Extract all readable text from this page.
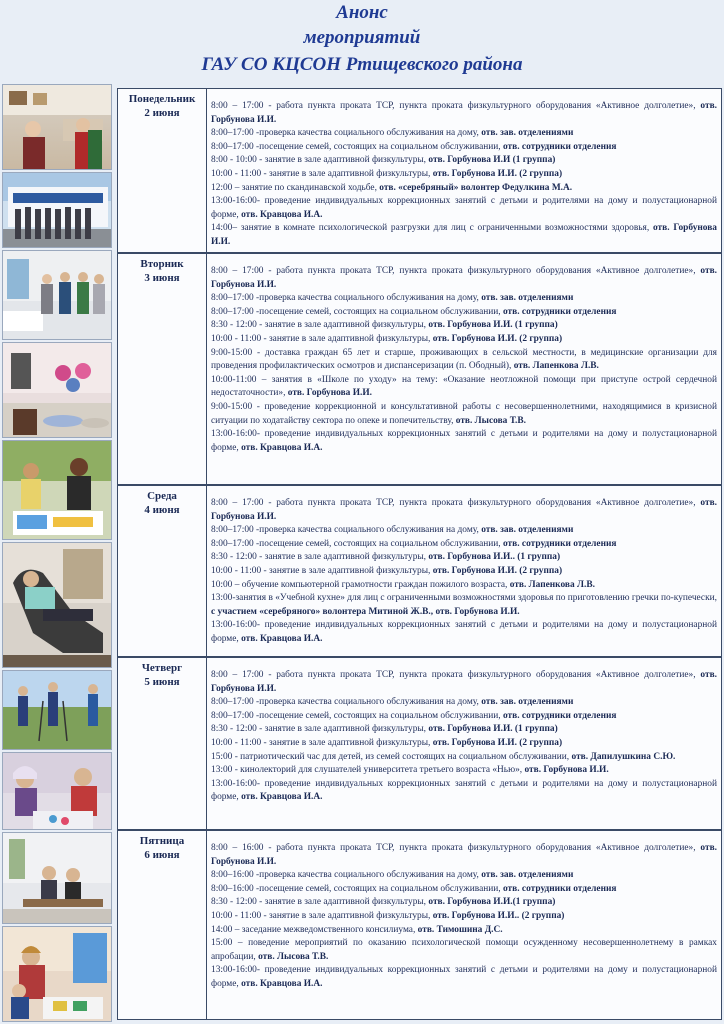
Анонс
мероприятий
ГАУ СО КЦСОН Ртищевского района
Понедельник
2 июня

8:00 – 17:00 - работа пункта проката ТСР, пункта проката физкультурного оборудования «Активное долголетие», отв. Горбунова И.И.

8:00–17:00 -проверка качества социального обслуживания на дому, отв. зав. отделениями

8:00–17:00 -посещение семей, состоящих на социальном обслуживании, отв. сотрудники отделения

8:00 - 10:00 - занятие в зале адаптивной физкультуры, отв. Горбунова И.И (1 группа)

10:00 - 11:00 - занятие в зале адаптивной физкультуры, отв. Горбунова И.И. (2 группа)

12:00 – занятие по скандинавской ходьбе, отв. «серебряный» волонтер Федулкина М.А.

13:00-16:00- проведение индивидуальных коррекционных занятий с детьми и родителями на дому и полустационарной форме, отв. Кравцова И.А.

14:00– занятие в комнате психологической разгрузки для лиц с ограниченными возможностями здоровья, отв. Горбунова И.И.

Вторник
3 июня

8:00 – 17:00 - работа пункта проката ТСР, пункта проката физкультурного оборудования «Активное долголетие», отв. Горбунова И.И.

8:00–17:00 -проверка качества социального обслуживания на дому, отв. зав. отделениями

8:00–17:00 -посещение семей, состоящих на социальном обслуживании, отв. сотрудники отделения

8:30 - 12:00 - занятие в зале адаптивной физкультуры, отв. Горбунова И.И. (1 группа)

10:00 - 11:00 - занятие в зале адаптивной физкультуры, отв. Горбунова И.И. (2 группа)

9:00-15:00 - доставка граждан 65 лет и старше, проживающих в сельской местности, в медицинские организации для проведения профилактических осмотров и диспансеризации (п. Ободный), отв. Лапенкова Л.В.

10:00-11:00 – занятия в «Школе по уходу» на тему: «Оказание неотложной помощи при приступе острой сердечной недостаточности», отв. Горбунова И.И.

9:00-15:00 - проведение коррекционной и консультативной работы с несовершеннолетними, находящимися в кризисной ситуации по ходатайству сектора по опеке и попечительству, отв. Лысова Т.В.

13:00-16:00- проведение индивидуальных коррекционных занятий с детьми и родителями на дому и полустационарной форме, отв. Кравцова И.А.

Среда
4 июня

8:00 – 17:00 - работа пункта проката ТСР, пункта проката физкультурного оборудования «Активное долголетие», отв. Горбунова И.И.

8:00–17:00 -проверка качества социального обслуживания на дому, отв. зав. отделениями

8:00–17:00 -посещение семей, состоящих на социальном обслуживании, отв. сотрудники отделения

8:30 - 12:00 - занятие в зале адаптивной физкультуры, отв. Горбунова И.И.. (1 группа)

10:00 - 11:00 - занятие в зале адаптивной физкультуры, отв. Горбунова И.И. (2 группа)

10:00 – обучение компьютерной грамотности граждан пожилого возраста, отв. Лапенкова Л.В.

13:00-занятия в «Учебной кухне» для лиц с ограниченными возможностями здоровья по приготовлению гречки по-купечески, с участием «серебряного» волонтера Митиной Ж.В., отв. Горбунова И.И.

13:00-16:00- проведение индивидуальных коррекционных занятий с детьми и родителями на дому и полустационарной форме, отв. Кравцова И.А.

Четверг
5 июня

8:00 – 17:00 - работа пункта проката ТСР, пункта проката физкультурного оборудования «Активное долголетие», отв. Горбунова И.И.

8:00–17:00 -проверка качества социального обслуживания на дому, отв. зав. отделениями

8:00–17:00 -посещение семей, состоящих на социальном обслуживании, отв. сотрудники отделения

8:30 - 12:00 - занятие в зале адаптивной физкультуры, отв. Горбунова И.И. (1 группа)

10:00 - 11:00 - занятие в зале адаптивной физкультуры, отв. Горбунова И.И. (2 группа)

15:00 - патриотический час для детей, из семей состоящих на социальном обслуживании, отв. Дапилушкина С.Ю.

13:00 - кинолекторий для слушателей университета третьего возраста «Нью», отв. Горбунова И.И.

13:00-16:00- проведение индивидуальных коррекционных занятий с детьми и родителями на дому и полустационарной форме, отв. Кравцова И.А.

Пятница
6 июня

8:00 – 16:00 - работа пункта проката ТСР, пункта проката физкультурного оборудования «Активное долголетие», отв. Горбунова И.И.

8:00–16:00 -проверка качества социального обслуживания на дому, отв. зав. отделениями

8:00–16:00 -посещение семей, состоящих на социальном обслуживании, отв. сотрудники отделения

8:30 - 12:00 - занятие в зале адаптивной физкультуры, отв. Горбунова И.И.(1 группа)

10:00 - 11:00 - занятие в зале адаптивной физкультуры, отв. Горбунова И.И.. (2 группа)

14:00 – заседание межведомственного консилиума, отв. Тимошина Д.С.

15:00 – поведение мероприятий по оказанию психологической помощи осужденному несовершеннолетнему в рамках апробации, отв. Лысова Т.В.

13:00-16:00- проведение индивидуальных коррекционных занятий с детьми и родителями на дому и полустационарной форме, отв. Кравцова И.А.
